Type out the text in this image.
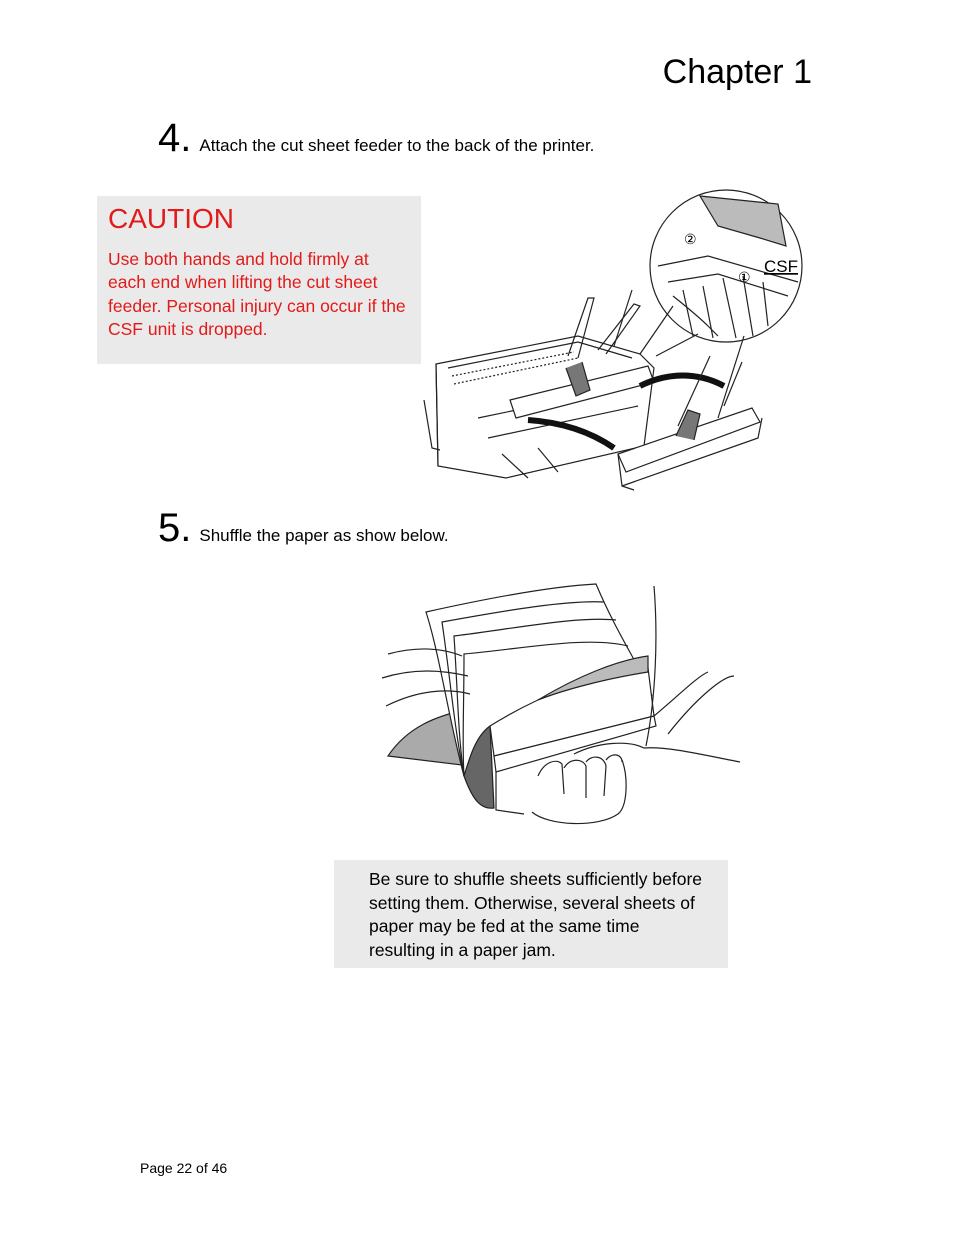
Chapter 1
4 . Attach the cut sheet feeder to the back of the printer.
CAUTION
Use both hands and hold firmly at each end when lifting the cut sheet feeder. Personal injury can occur if the CSF unit is dropped.
②
①
CSF
5 . Shuffle the paper as show below.
Be sure to shuffle sheets sufficiently before setting them. Otherwise, several sheets of paper may be fed at the same time resulting in a paper jam.
Page 22 of 46
